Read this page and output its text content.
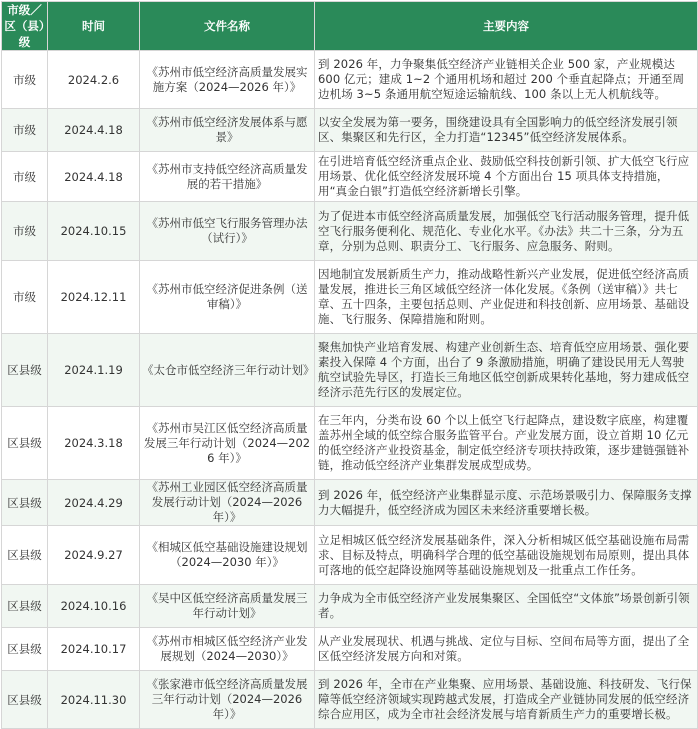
市级／区（县）级	时间	文件名称	主要内容
市级	2024.2.6	《苏州市低空经济高质量发展实施方案（2024—2026 年）》	到 2026 年，力争聚集低空经济产业链相关企业 500 家，产业规模达 600 亿元；建成 1~2 个通用机场和超过 200 个垂直起降点；开通至周边机场 3~5 条通用航空短途运输航线、100 条以上无人机航线等。
市级	2024.4.18	《苏州市低空经济发展体系与愿景》	以安全发展为第一要务，围绕建设具有全国影响力的低空经济发展引领区、集聚区和先行区，全力打造“12345”低空经济发展体系。
市级	2024.4.18	《苏州市支持低空经济高质量发展的若干措施》	在引进培育低空经济重点企业、鼓励低空科技创新引领、扩大低空飞行应用场景、优化低空经济发展环境 4 个方面出台 15 项具体支持措施，用“真金白银”打造低空经济新增长引擎。
市级	2024.10.15	《苏州市低空飞行服务管理办法（试行）》	为了促进本市低空经济高质量发展，加强低空飞行活动服务管理，提升低空飞行服务便利化、规范化、专业化水平。《办法》共二十三条，分为五章，分别为总则、职责分工、飞行服务、应急服务、附则。
市级	2024.12.11	《苏州市低空经济促进条例（送审稿）》	因地制宜发展新质生产力，推动战略性新兴产业发展，促进低空经济高质量发展，推进长三角区域低空经济一体化发展。《条例（送审稿）》共七章、五十四条，主要包括总则、产业促进和科技创新、应用场景、基础设施、飞行服务、保障措施和附则。
区县级	2024.1.19	《太仓市低空经济三年行动计划》	聚焦加快产业培育发展、构建产业创新生态、培育低空应用场景、强化要素投入保障 4 个方面，出台了 9 条激励措施，明确了建设民用无人驾驶航空试验先导区，打造长三角地区低空创新成果转化基地，努力建成低空经济示范先行区的发展定位。
区县级	2024.3.18	《苏州市吴江区低空经济高质量发展三年行动计划（2024—2026 年）》	在三年内，分类布设 60 个以上低空飞行起降点，建设数字底座，构建覆盖苏州全域的低空综合服务监管平台。产业发展方面，设立首期 10 亿元的低空经济产业投资基金，制定低空经济专项扶持政策，逐步建链强链补链，推动低空经济产业集群发展成型成势。
区县级	2024.4.29	《苏州工业园区低空经济高质量发展行动计划（2024—2026 年）》	到 2026 年，低空经济产业集群显示度、示范场景吸引力、保障服务支撑力大幅提升，低空经济成为园区未来经济重要增长极。
区县级	2024.9.27	《相城区低空基础设施建设规划（2024—2030 年）》	立足相城区低空经济发展基础条件，深入分析相城区低空基础设施布局需求、目标及特点，明确科学合理的低空基础设施规划布局原则，提出具体可落地的低空起降设施网等基础设施规划及一批重点工作任务。
区县级	2024.10.16	《吴中区低空经济高质量发展三年行动计划》	力争成为全市低空经济产业发展集聚区、全国低空“文体旅”场景创新引领者。
区县级	2024.10.17	《苏州市相城区低空经济产业发展规划（2024—2030）》	从产业发展现状、机遇与挑战、定位与目标、空间布局等方面，提出了全区低空经济发展方向和对策。
区县级	2024.11.30	《张家港市低空经济高质量发展三年行动计划（2024—2026 年）》	到 2026 年，全市在产业集聚、应用场景、基础设施、科技研发、飞行保障等低空经济领域实现跨越式发展，打造成全产业链协同发展的低空经济综合应用区，成为全市社会经济发展与培育新质生产力的重要增长极。
